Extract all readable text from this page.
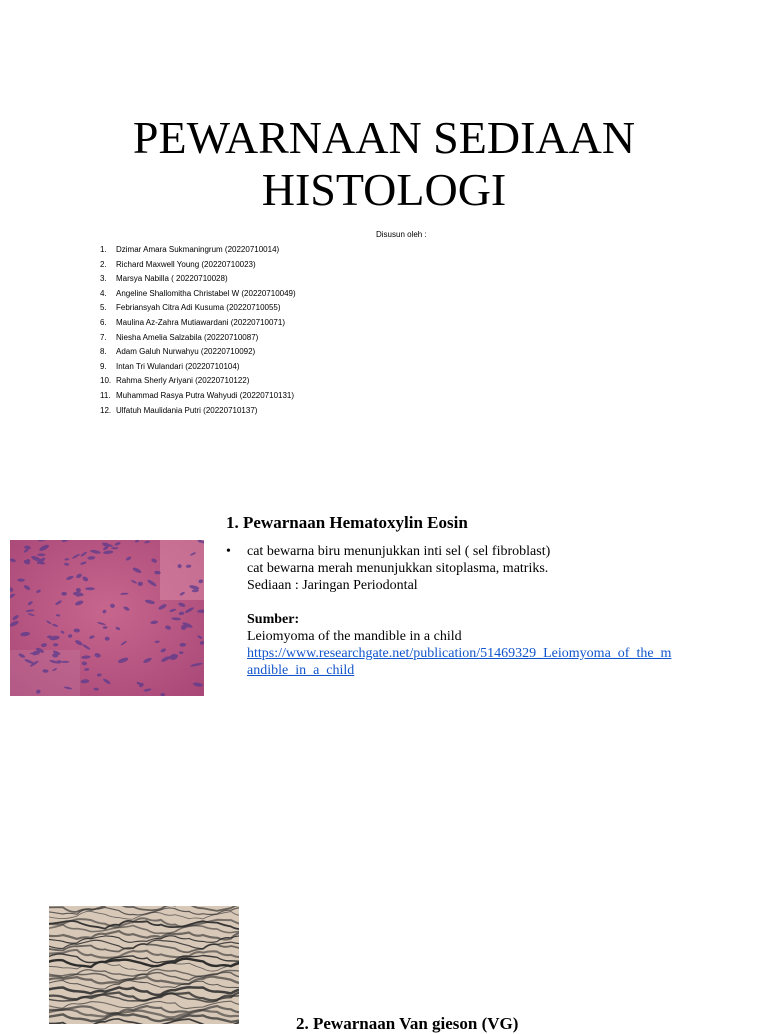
PEWARNAAN SEDIAAN
HISTOLOGI
Disusun oleh :
1.	Dzimar Amara Sukmaningrum (20220710014)
2.	Richard Maxwell Young (20220710023)
3.	Marsya Nabilla ( 20220710028)
4.	Angeline Shallomitha Christabel W (20220710049)
5.	Febriansyah Citra Adi Kusuma (20220710055)
6.	Maulina Az-Zahra Mutiawardani (20220710071)
7.	Niesha Amelia Salzabila (20220710087)
8.	Adam Galuh Nurwahyu (20220710092)
9.	Intan Tri Wulandari (20220710104)
10. Rahma Sherly Ariyani (20220710122)
11. Muhammad Rasya Putra Wahyudi (20220710131)
12. Ulfatuh Maulidania Putri (20220710137)
1. Pewarnaan Hematoxylin Eosin
• cat bewarna biru menunjukkan inti sel ( sel fibroblast)
cat bewarna merah menunjukkan sitoplasma, matriks.
Sediaan : Jaringan Periodontal
Sumber:
Leiomyoma of the mandible in a child
https://www.researchgate.net/publication/51469329_Leiomyoma_of_the_mandible_in_a_child
2. Pewarnaan Van gieson (VG)
